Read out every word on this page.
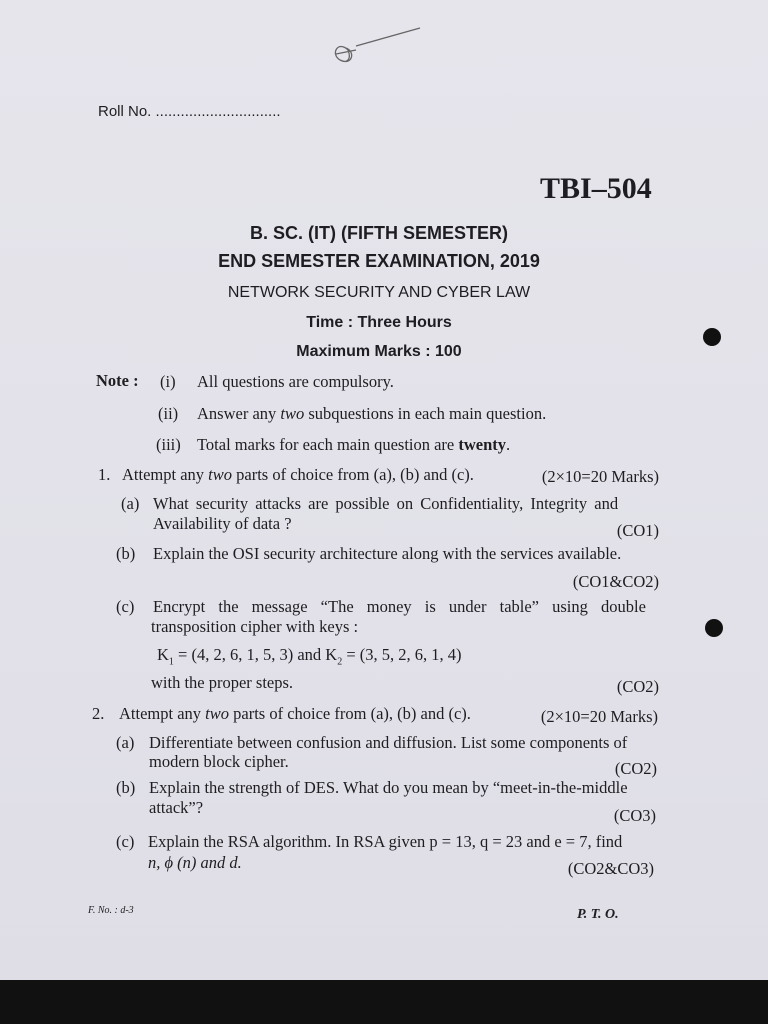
Roll No. ..............................
TBI–504
B. SC. (IT) (FIFTH SEMESTER)
END SEMESTER EXAMINATION, 2019
NETWORK SECURITY AND CYBER LAW
Time : Three Hours
Maximum Marks : 100
Note : (i) All questions are compulsory.
(ii) Answer any two subquestions in each main question.
(iii) Total marks for each main question are twenty.
1. Attempt any two parts of choice from (a), (b) and (c).	(2×10=20 Marks)
(a) What security attacks are possible on Confidentiality, Integrity and
Availability of data ?	(CO1)
(b) Explain the OSI security architecture along with the services available.
(CO1&CO2)
(c) Encrypt the message “The money is under table” using double
transposition cipher with keys :
$K_1 = (4$, 2, 6, 1, 5, 3) and $K_2 = (3$, 5, 2, 6, 1, 4)
with the proper steps.	(CO2)
2. Attempt any two parts of choice from (a), (b) and (c).	(2×10=20 Marks)
(a) Differentiate between confusion and diffusion. List some components of
modern block cipher.	(CO2)
(b) Explain the strength of DES. What do you mean by “meet-in-the-middle
attack”?	(CO3)
(c) Explain the RSA algorithm. In RSA given p = 13, q = 23 and e = 7, find
n, ϕ (n) and d.	(CO2&CO3)
F. No. : d-3	P. T. O.
